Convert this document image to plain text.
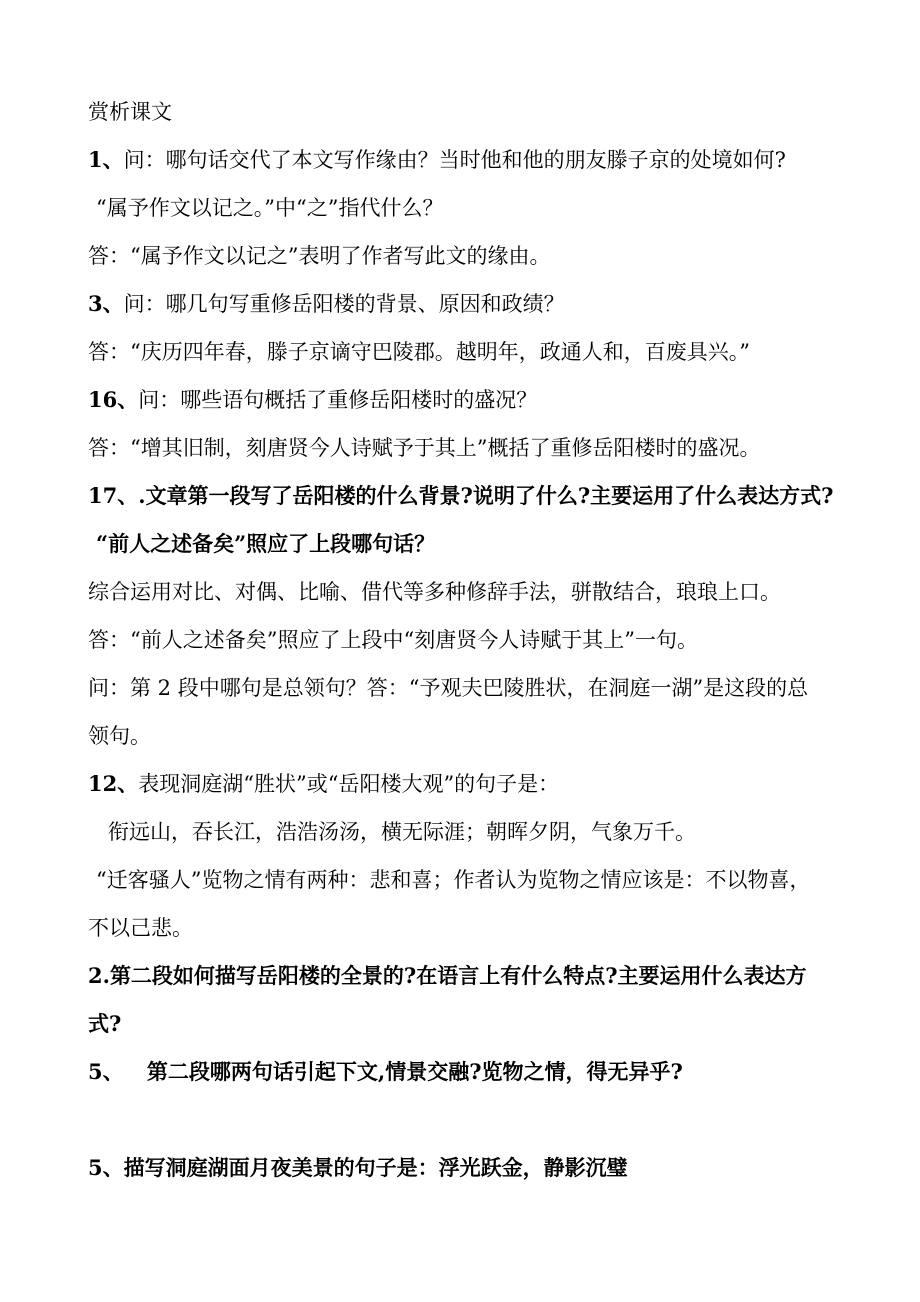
赏析课文
1、问：哪句话交代了本文写作缘由？当时他和他的朋友滕子京的处境如何?
“属予作文以记之。”中“之”指代什么？
答：“属予作文以记之”表明了作者写此文的缘由。
3、问：哪几句写重修岳阳楼的背景、原因和政绩？
答：“庆历四年春，滕子京谪守巴陵郡。越明年，政通人和，百废具兴。”
16、问：哪些语句概括了重修岳阳楼时的盛况？
答：“增其旧制，刻唐贤今人诗赋予于其上”概括了重修岳阳楼时的盛况。
17、.文章第一段写了岳阳楼的什么背景?说明了什么?主要运用了什么表达方式?
“前人之述备矣”照应了上段哪句话？
综合运用对比、对偶、比喻、借代等多种修辞手法，骈散结合，琅琅上口。
答：“前人之述备矣”照应了上段中“刻唐贤今人诗赋于其上”一句。
问：第 2 段中哪句是总领句？答：“予观夫巴陵胜状，在洞庭一湖”是这段的总
领句。
12、表现洞庭湖“胜状”或“岳阳楼大观”的句子是：
衔远山，吞长江，浩浩汤汤，横无际涯；朝晖夕阴，气象万千。
“迁客骚人”览物之情有两种：悲和喜；作者认为览物之情应该是：不以物喜，
不以己悲。
2.第二段如何描写岳阳楼的全景的?在语言上有什么特点?主要运用什么表达方
式?
5、 第二段哪两句话引起下文,情景交融?览物之情，得无异乎?
5、描写洞庭湖面月夜美景的句子是：浮光跃金，静影沉璧
